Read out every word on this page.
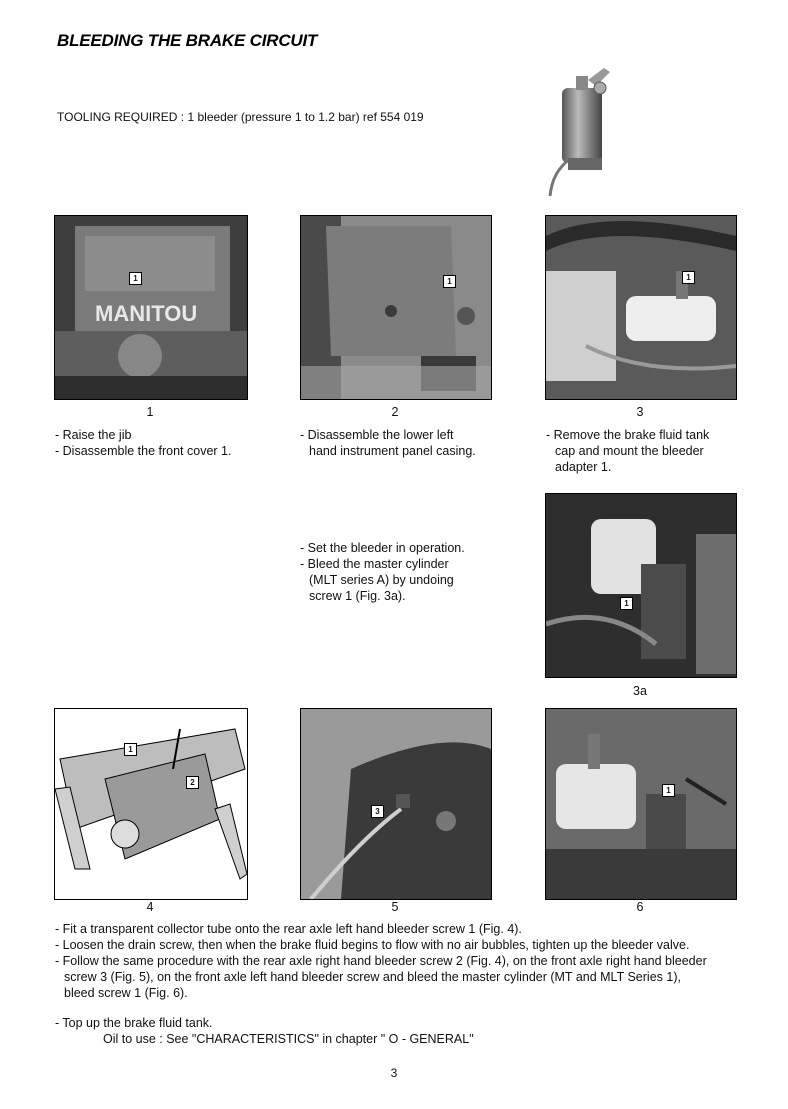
BLEEDING THE BRAKE CIRCUIT
TOOLING REQUIRED : 1 bleeder (pressure 1 to 1.2 bar) ref 554 019
MANITOU
1
1
1
2
1
3
- Raise the jib
- Disassemble the front cover 1.
- Disassemble the lower left
hand instrument panel casing.
- Remove the brake fluid tank
cap and mount the bleeder
adapter 1.
- Set the bleeder in operation.
- Bleed the master cylinder
(MLT series A) by undoing
screw 1 (Fig. 3a).
1
3a
1
2
4
3
5
1
6
- Fit a transparent collector tube onto the rear axle left hand bleeder screw 1 (Fig. 4).
- Loosen the drain screw, then when the brake fluid begins to flow with no air bubbles, tighten up the bleeder valve.
- Follow the same procedure with the rear axle right hand bleeder screw 2 (Fig. 4), on the front axle right hand bleeder
screw 3 (Fig. 5), on the front axle left hand bleeder screw and bleed the master cylinder (MT and MLT Series 1),
bleed screw 1 (Fig. 6).
- Top up the brake fluid tank.
Oil to use : See "CHARACTERISTICS" in chapter " O - GENERAL"
3
